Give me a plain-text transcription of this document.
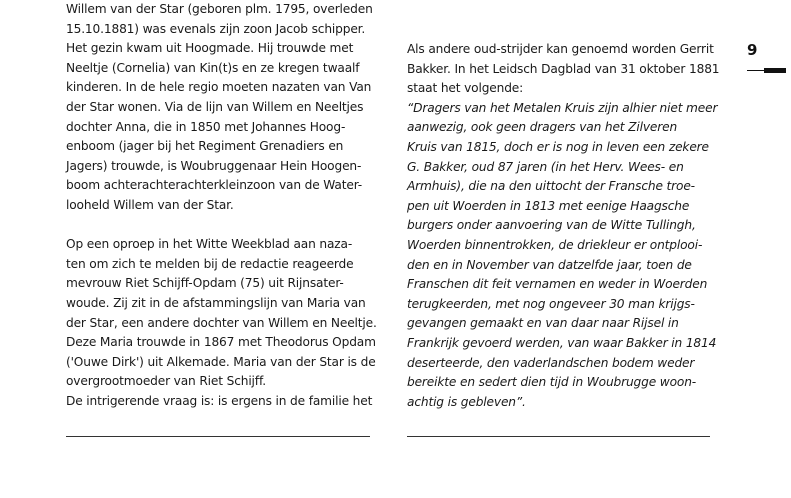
Willem van der Star (geboren plm. 1795, overleden
15.10.1881) was evenals zijn zoon Jacob schipper.
Het gezin kwam uit Hoogmade. Hij trouwde met
Neeltje (Cornelia) van Kin(t)s en ze kregen twaalf
kinderen. In de hele regio moeten nazaten van Van
der Star wonen. Via de lijn van Willem en Neeltjes
dochter Anna, die in 1850 met Johannes Hoog-
enboom (jager bij het Regiment Grenadiers en
Jagers) trouwde, is Woubruggenaar Hein Hoogen-
boom achterachterachterkleinzoon van de Water-
looheld Willem van der Star.
Op een oproep in het Witte Weekblad aan naza-
ten om zich te melden bij de redactie reageerde
mevrouw Riet Schijff-Opdam (75) uit Rijnsater-
woude. Zij zit in de afstammingslijn van Maria van
der Star, een andere dochter van Willem en Neeltje.
Deze Maria trouwde in 1867 met Theodorus Opdam
('Ouwe Dirk') uit Alkemade. Maria van der Star is de
overgrootmoeder van Riet Schijff.
De intrigerende vraag is: is ergens in de familie het
Als andere oud-strijder kan genoemd worden Gerrit
Bakker. In het Leidsch Dagblad van 31 oktober 1881
staat het volgende:
“Dragers van het Metalen Kruis zijn alhier niet meer
aanwezig, ook geen dragers van het Zilveren
Kruis van 1815, doch er is nog in leven een zekere
G. Bakker, oud 87 jaren (in het Herv. Wees- en
Armhuis), die na den uittocht der Fransche troe-
pen uit Woerden in 1813 met eenige Haagsche
burgers onder aanvoering van de Witte Tullingh,
Woerden binnentrokken, de driekleur er ontplooi-
den en in November van datzelfde jaar, toen de
Franschen dit feit vernamen en weder in Woerden
terugkeerden, met nog ongeveer 30 man krijgs-
gevangen gemaakt en van daar naar Rijsel in
Frankrijk gevoerd werden, van waar Bakker in 1814
deserteerde, den vaderlandschen bodem weder
bereikte en sedert dien tijd in Woubrugge woon-
achtig is gebleven”.
9
